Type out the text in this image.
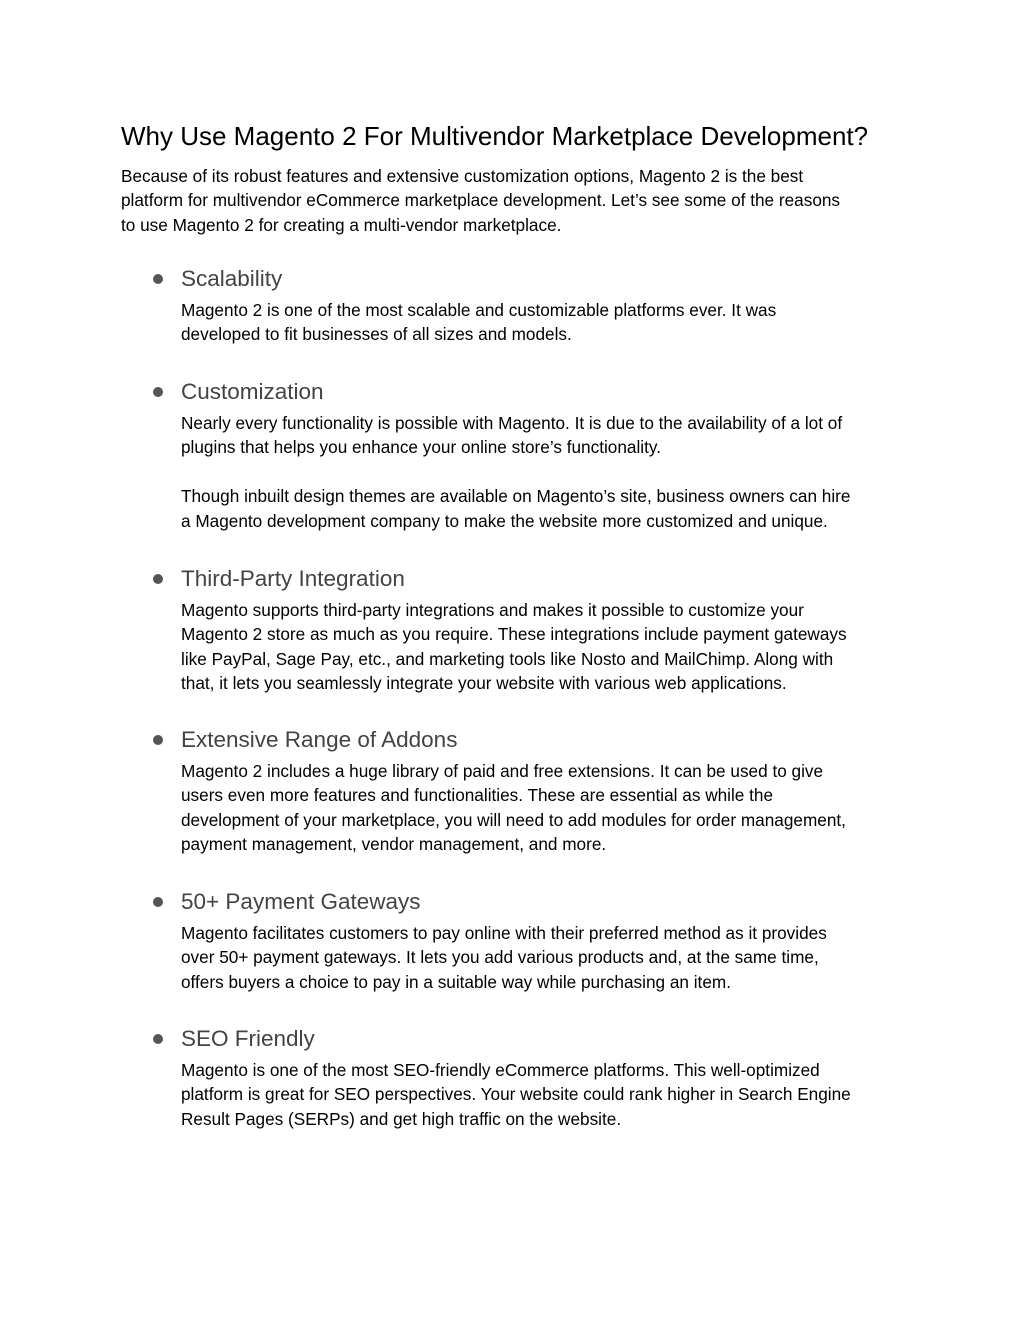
Why Use Magento 2 For Multivendor Marketplace Development?

Because of its robust features and extensive customization options, Magento 2 is the best
platform for multivendor eCommerce marketplace development. Let’s see some of the reasons
to use Magento 2 for creating a multi-vendor marketplace.

Scalability

Magento 2 is one of the most scalable and customizable platforms ever. It was
developed to fit businesses of all sizes and models.

Customization

Nearly every functionality is possible with Magento. It is due to the availability of a lot of
plugins that helps you enhance your online store’s functionality.

Though inbuilt design themes are available on Magento’s site, business owners can hire
a Magento development company to make the website more customized and unique.

Third-Party Integration

Magento supports third-party integrations and makes it possible to customize your
Magento 2 store as much as you require. These integrations include payment gateways
like PayPal, Sage Pay, etc., and marketing tools like Nosto and MailChimp. Along with
that, it lets you seamlessly integrate your website with various web applications.

Extensive Range of Addons

Magento 2 includes a huge library of paid and free extensions. It can be used to give
users even more features and functionalities. These are essential as while the
development of your marketplace, you will need to add modules for order management,
payment management, vendor management, and more.

50+ Payment Gateways

Magento facilitates customers to pay online with their preferred method as it provides
over 50+ payment gateways. It lets you add various products and, at the same time,
offers buyers a choice to pay in a suitable way while purchasing an item.

SEO Friendly

Magento is one of the most SEO-friendly eCommerce platforms. This well-optimized
platform is great for SEO perspectives. Your website could rank higher in Search Engine
Result Pages (SERPs) and get high traffic on the website.
